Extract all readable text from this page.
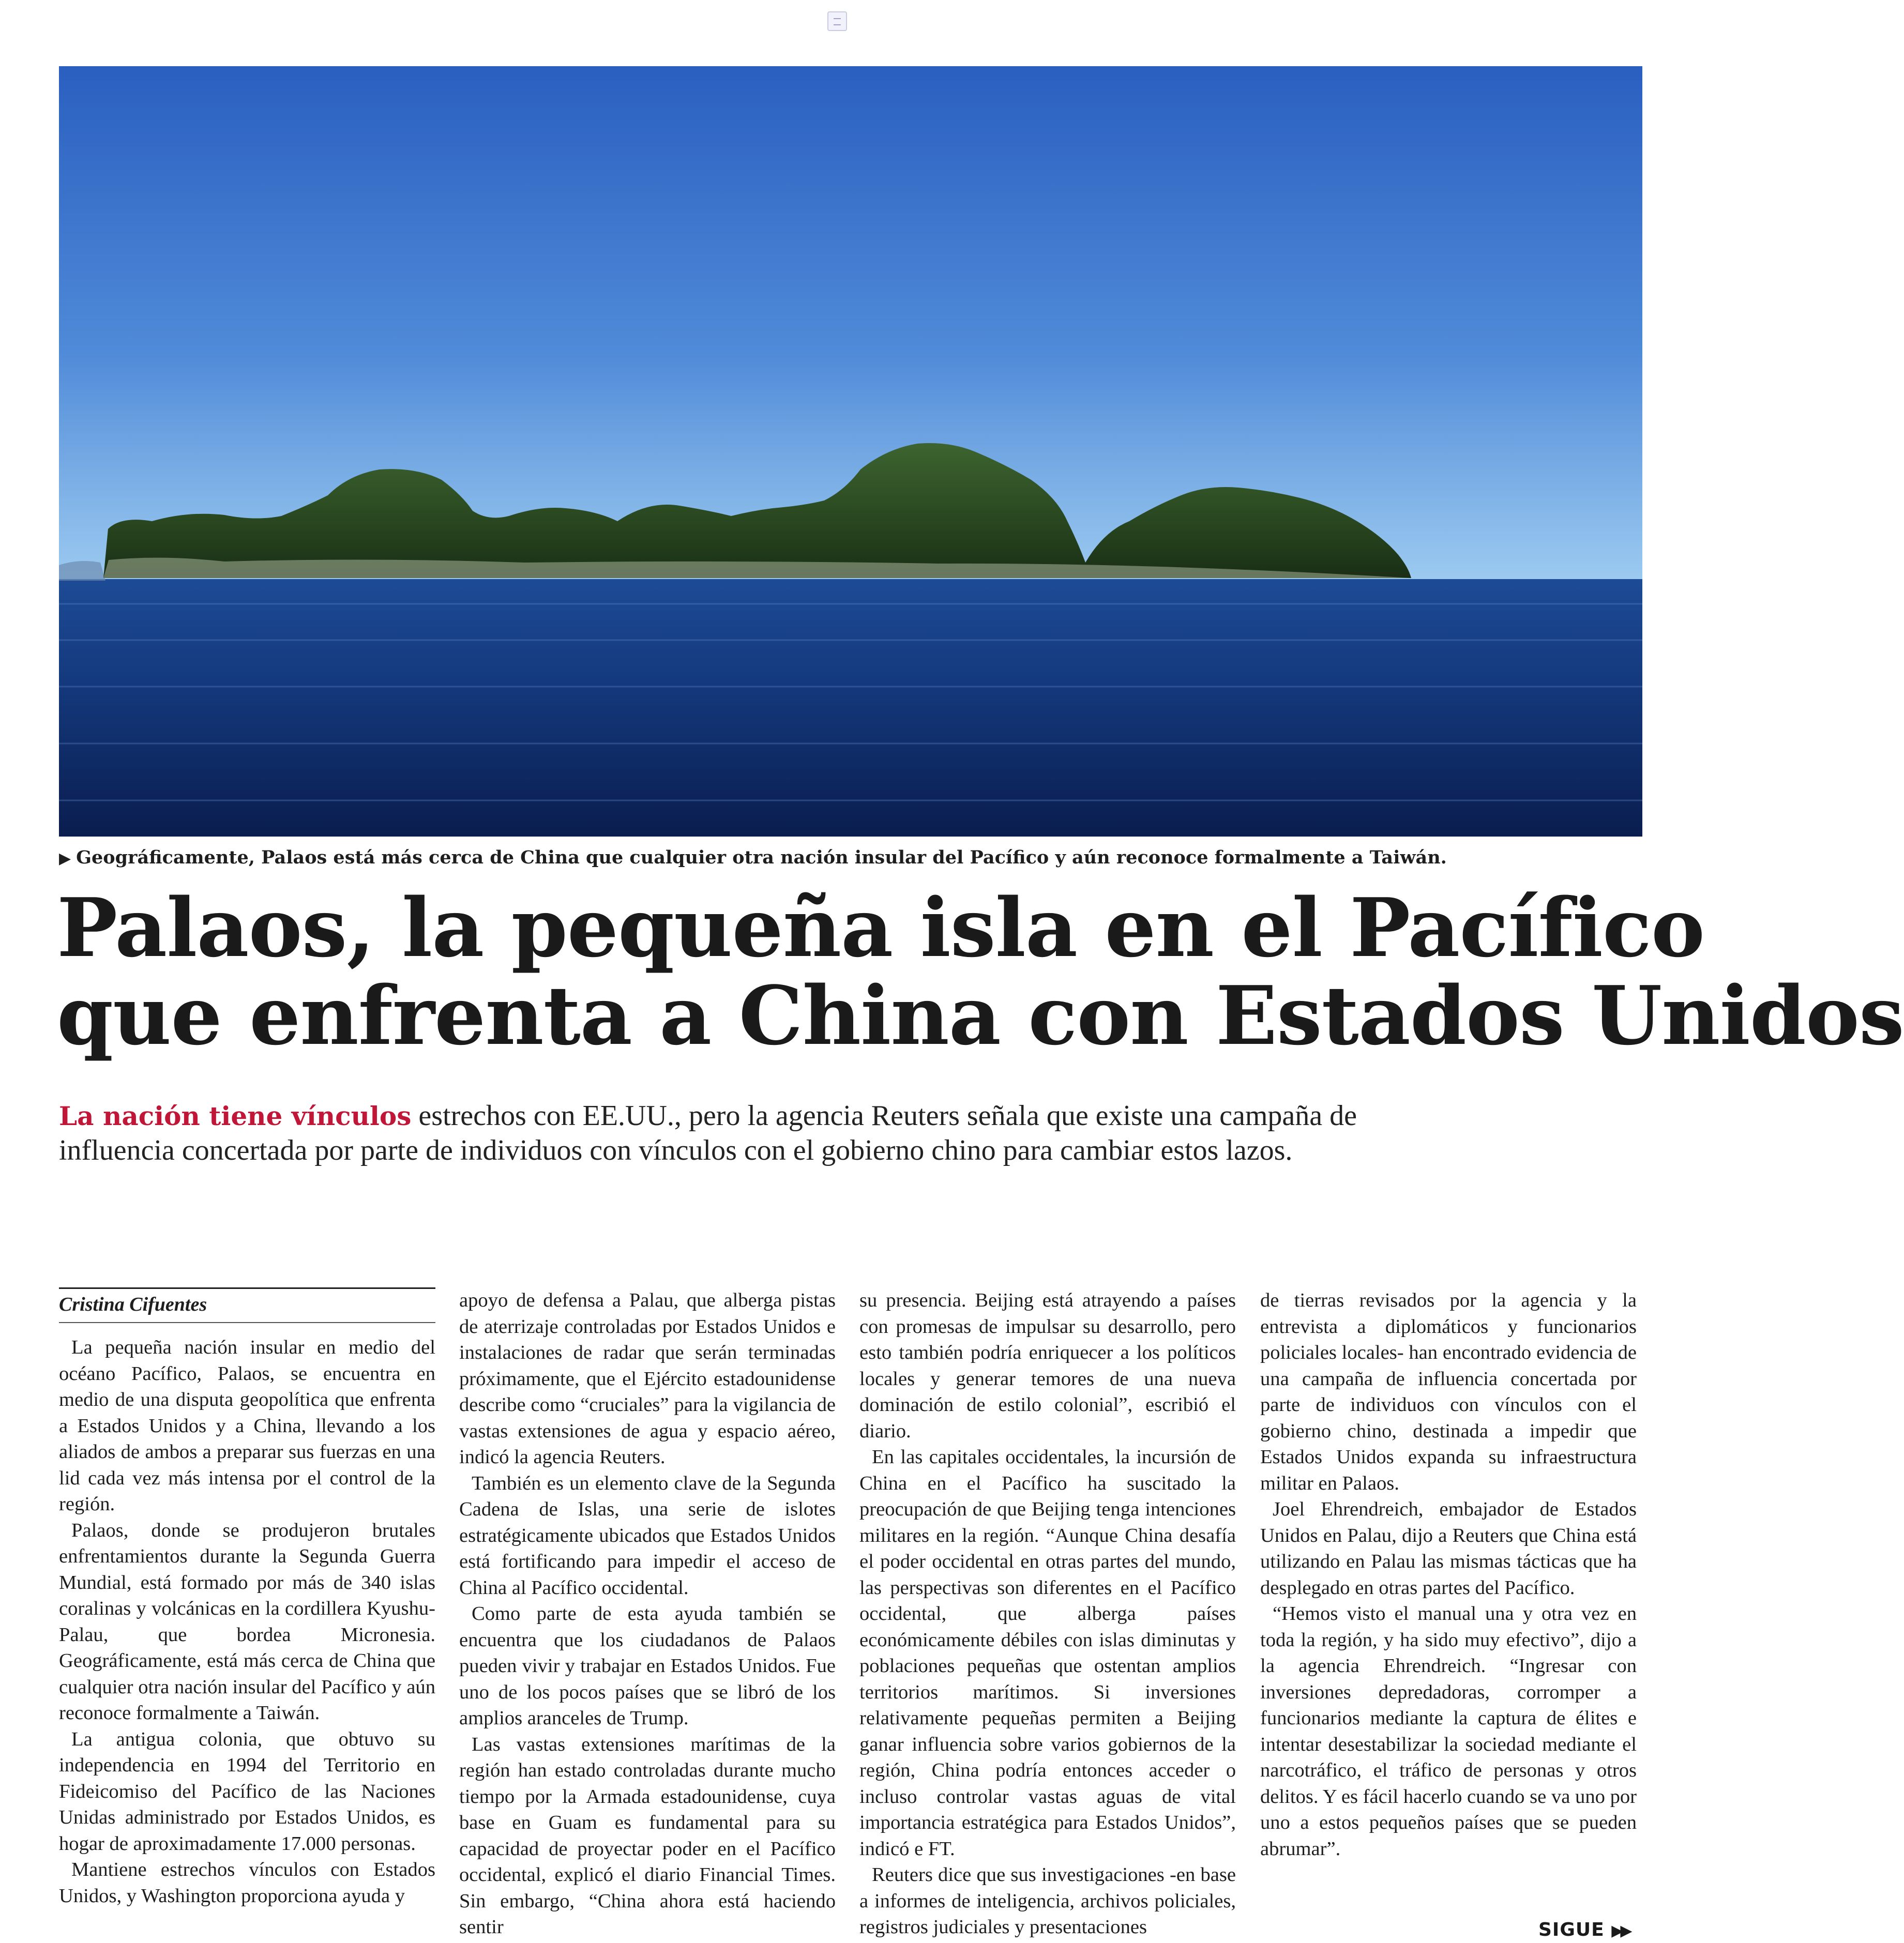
▶ Geográficamente, Palaos está más cerca de China que cualquier otra nación insular del Pacífico y aún reconoce formalmente a Taiwán.
Palaos, la pequeña isla en el Pacífico
que enfrenta a China con Estados Unidos
La nación tiene vínculos estrechos con EE.UU., pero la agencia Reuters señala que existe una campaña de
influencia concertada por parte de individuos con vínculos con el gobierno chino para cambiar estos lazos.
Cristina Cifuentes

La pequeña nación insular en medio del océano Pacífico, Palaos, se encuentra en medio de una disputa geopolítica que enfrenta a Estados Unidos y a China, llevando a los aliados de ambos a preparar sus fuerzas en una lid cada vez más intensa por el control de la región.

Palaos, donde se produjeron brutales enfrentamientos durante la Segunda Guerra Mundial, está formado por más de 340 islas coralinas y volcánicas en la cordillera Kyushu-Palau, que bordea Micronesia. Geográficamente, está más cerca de China que cualquier otra nación insular del Pacífico y aún reconoce formalmente a Taiwán.

La antigua colonia, que obtuvo su independencia en 1994 del Territorio en Fideicomiso del Pacífico de las Naciones Unidas administrado por Estados Unidos, es hogar de aproximadamente 17.000 personas.

Mantiene estrechos vínculos con Estados Unidos, y Washington proporciona ayuda y

apoyo de defensa a Palau, que alberga pistas de aterrizaje controladas por Estados Unidos e instalaciones de radar que serán terminadas próximamente, que el Ejército estadounidense describe como “cruciales” para la vigilancia de vastas extensiones de agua y espacio aéreo, indicó la agencia Reuters.

También es un elemento clave de la Segunda Cadena de Islas, una serie de islotes estratégicamente ubicados que Estados Unidos está fortificando para impedir el acceso de China al Pacífico occidental.

Como parte de esta ayuda también se encuentra que los ciudadanos de Palaos pueden vivir y trabajar en Estados Unidos. Fue uno de los pocos países que se libró de los amplios aranceles de Trump.

Las vastas extensiones marítimas de la región han estado controladas durante mucho tiempo por la Armada estadounidense, cuya base en Guam es fundamental para su capacidad de proyectar poder en el Pacífico occidental, explicó el diario Financial Times. Sin embargo, “China ahora está haciendo sentir

su presencia. Beijing está atrayendo a países con promesas de impulsar su desarrollo, pero esto también podría enriquecer a los políticos locales y generar temores de una nueva dominación de estilo colonial”, escribió el diario.

En las capitales occidentales, la incursión de China en el Pacífico ha suscitado la preocupación de que Beijing tenga intenciones militares en la región. “Aunque China desafía el poder occidental en otras partes del mundo, las perspectivas son diferentes en el Pacífico occidental, que alberga países económicamente débiles con islas diminutas y poblaciones pequeñas que ostentan amplios territorios marítimos. Si inversiones relativamente pequeñas permiten a Beijing ganar influencia sobre varios gobiernos de la región, China podría entonces acceder o incluso controlar vastas aguas de vital importancia estratégica para Estados Unidos”, indicó e FT.

Reuters dice que sus investigaciones -en base a informes de inteligencia, archivos policiales, registros judiciales y presentaciones

de tierras revisados por la agencia y la entrevista a diplomáticos y funcionarios policiales locales- han encontrado evidencia de una campaña de influencia concertada por parte de individuos con vínculos con el gobierno chino, destinada a impedir que Estados Unidos expanda su infraestructura militar en Palaos.

Joel Ehrendreich, embajador de Estados Unidos en Palau, dijo a Reuters que China está utilizando en Palau las mismas tácticas que ha desplegado en otras partes del Pacífico.

“Hemos visto el manual una y otra vez en toda la región, y ha sido muy efectivo”, dijo a la agencia Ehrendreich. “Ingresar con inversiones depredadoras, corromper a funcionarios mediante la captura de élites e intentar desestabilizar la sociedad mediante el narcotráfico, el tráfico de personas y otros delitos. Y es fácil hacerlo cuando se va uno por uno a estos pequeños países que se pueden abrumar”.

SIGUE ▶▶
